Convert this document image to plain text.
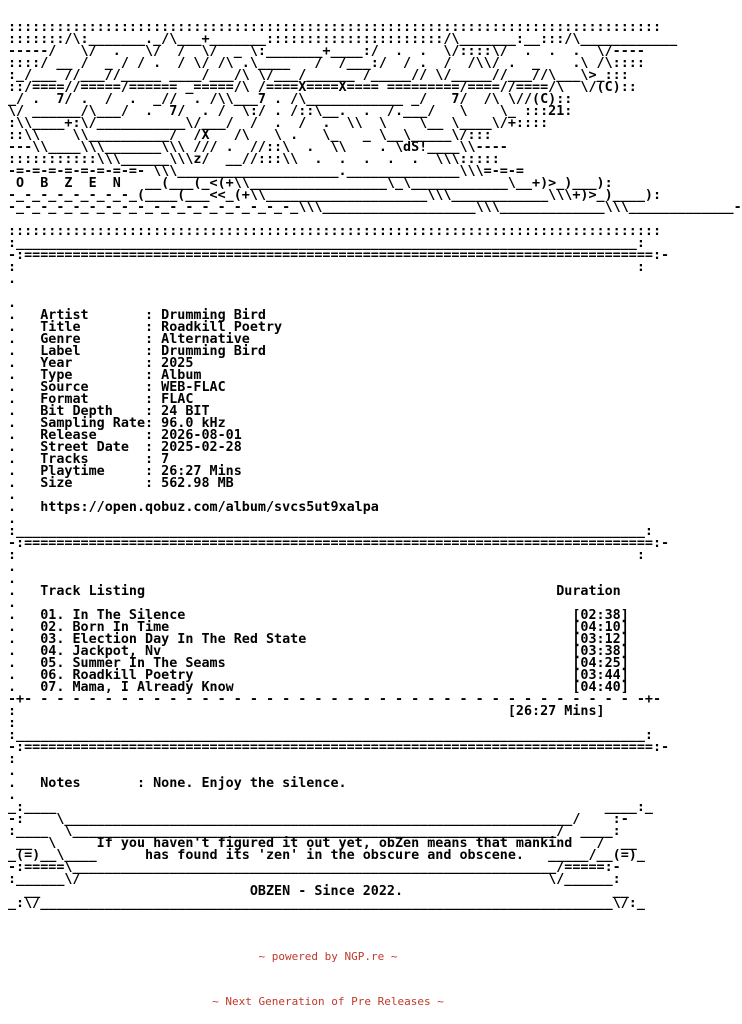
:::::::::::::::::::::::::::::::::::::::::::::::::::::::::::::::::::::::::::::::::
:::::::/\:_______._/\___+_______::::::::::::::::::::::/\_______:__:::/\____________
-----/   \/  .   \/  /  \/  _ \:_______+____:/  .  .  \/::::\/  .  .  .  \/----
::::/ __ /  _ / / .  / \/ /\ .\____   /  /___:/  / .  /  /\\/ .  _    .\ /\::::
:_/___ //___//_____ ____/___/\ \/___/______ /_____// \/_____//___//\___\>_:::
::/====//=====/====== _=====/\ /====X====X==== =========/====//====/\  \/(C)::
_/ .  7/ .  /  .  _//  . /\\___7 . /\____________ _/   7/  /\ \//(C)::
\/ ______/\___/  .  7/  . /  \:/ . /::\__.  .  /.___/   \    \_ :::21:
:\\____+:\/___________\/___/  /  .  /  .  \\  \    \__ \____\/+::::
::\\    \\__________/  /X   /\   \ .   \_   _ \__\_____\/:::
---\\____\\\_______\\\ /// .  //::\  .  \\    . \dS!____\\----
:::::::::::\\\______\\\z/  __//:::\\  .  .  .  .  .  \\\:::::
-=-=-=-=-=-=-=-=- \\\____________________.______________\\\=-=-=
O  B  Z  E  N   __(___(_<(+\\_________________\_\____________\__+)>_)___):
-_-_-_-_-_-_-_-_(____(___<<_(+\\____________________\\\____________\\\+)>_)____):
-_-_-_-_-_-_-_-_-_-_-_-_-_-_-_-_-_-_\\\___________________\\\_____________\\\_____________-
:::::::::::::::::::::::::::::::::::::::::::::::::::::::::::::::::::::::::::::::::
:_____________________________________________________________________________:
-:==============================================================================:-
:                                                                             :
.
.
.   Artist       : Drumming Bird
.   Title        : Roadkill Poetry
.   Genre        : Alternative
.   Label        : Drumming Bird
.   Year         : 2025
.   Type         : Album
.   Source       : WEB-FLAC
.   Format       : FLAC
.   Bit Depth    : 24 BIT
.   Sampling Rate: 96.0 kHz
.   Release      : 2026-08-01
.   Street Date  : 2025-02-28
.   Tracks       : 7
.   Playtime     : 26:27 Mins
.   Size         : 562.98 MB
.
.   https://open.qobuz.com/album/svcs5ut9xalpa
.
:______________________________________________________________________________:
-:==============================================================================:-
:                                                                             :
.
.
.   Track Listing                                                   Duration
.
.   01. In The Silence                                                [02:38]
.   02. Born In Time                                                  [04:10]
.   03. Election Day In The Red State                                 [03:12]
.   04. Jackpot, Nv                                                   [03:38]
.   05. Summer In The Seams                                           [04:25]
.   06. Roadkill Poetry                                               [03:44]
.   07. Mama, I Already Know                                          [04:40]
-+- - - - - - - - - - - - - - - - - - - - - - - - - - - - - - - - - - - - - - -+-
:                                                             [26:27 Mins]
:
:______________________________________________________________________________:
-:==============================================================================:-
:
.
.   Notes       : None. Enjoy the silence.
.
_:____                                                                    ____:_
-:    \_______________________________________________________________/    :-
:____  \____________________________________________________________/  ____:
__  \     If you haven't figured it out yet, obZen means that mankind   /  __
_(=)__\____      has found its 'zen' in the obscure and obscene.   _____/__(=)_
-:=====\____________________________________________________________/=====:-
:______\/                                                          \/______:
__                          OBZEN - Since 2022.                          __
_:\/_______________________________________________________________________\/:_

~ powered by NGP.re ~

~ Next Generation of Pre Releases ~
